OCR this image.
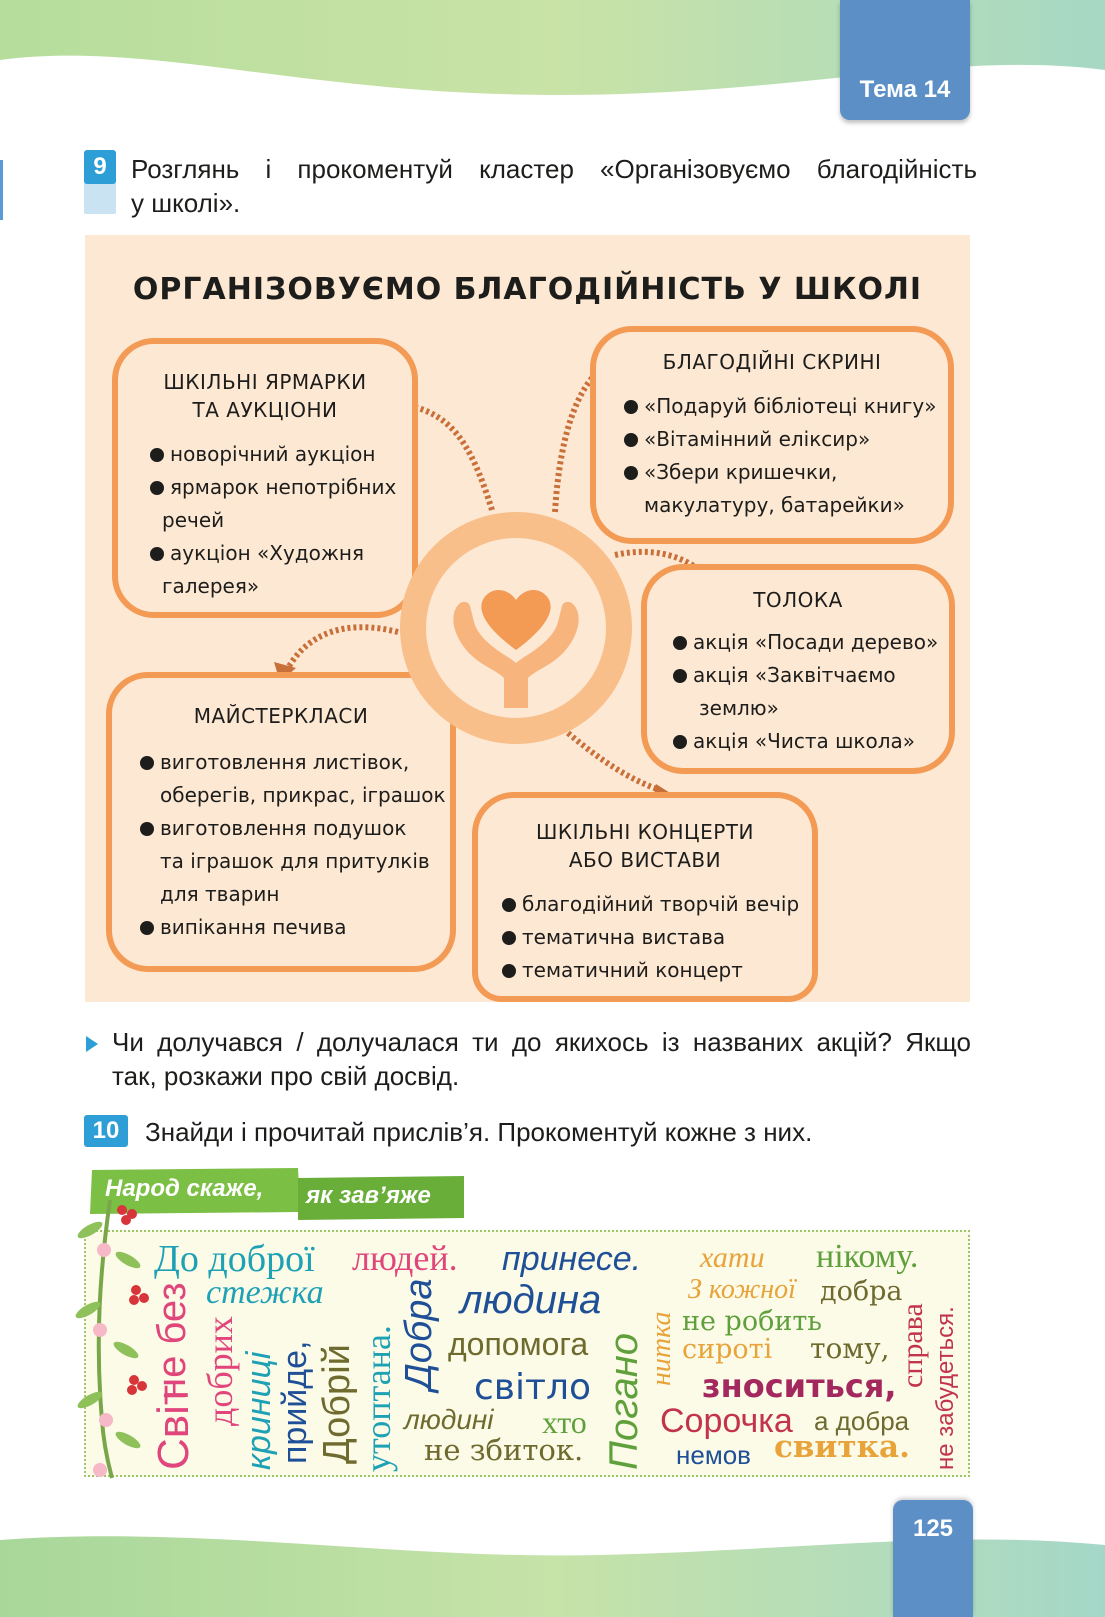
Тема 14
125
9 Розглянь і прокоментуй кластер «Організовуємо благодійність
у школі».
ОРГАНІЗОВУЄМО БЛАГОДІЙНІСТЬ У ШКОЛІ
ШКІЛЬНІ ЯРМАРКИ
ТА АУКЦІОНИ
новорічний аукціон
ярмарок непотрібних
речей
аукціон «Художня
галерея»
БЛАГОДІЙНІ СКРИНІ
«Подаруй бібліотеці книгу»
«Вітамінний еліксир»
«Збери кришечки,
макулатуру, батарейки»
ТОЛОКА
акція «Посади дерево»
акція «Заквітчаємо
землю»
акція «Чиста школа»
МАЙСТЕРКЛАСИ
виготовлення листівок,
оберегів, прикрас, іграшок
виготовлення подушок
та іграшок для притулків
для тварин
випікання печива
ШКІЛЬНІ КОНЦЕРТИ
АБО ВИСТАВИ
благодійний творчій вечір
тематична вистава
тематичний концерт
Чи долучався / долучалася ти до якихось із названих акцій? Якщо
так, розкажи про свій досвід.
10 Знайди і прочитай прислів’я. Прокоментуй кожне з них.
Народ скаже, як зав’яже
До доброї людей. принесе. хати нікому.
стежка	людина	З кожної добра
не робить
допомога	сироті тому,
світло	зноситься,
Сорочка а добра
людині хто
не збиток.	немов свитка.
Світ
не без добрих криниці
прийде, Добрій утоптана. Добра	Погано нитка	справа не забудеться.
